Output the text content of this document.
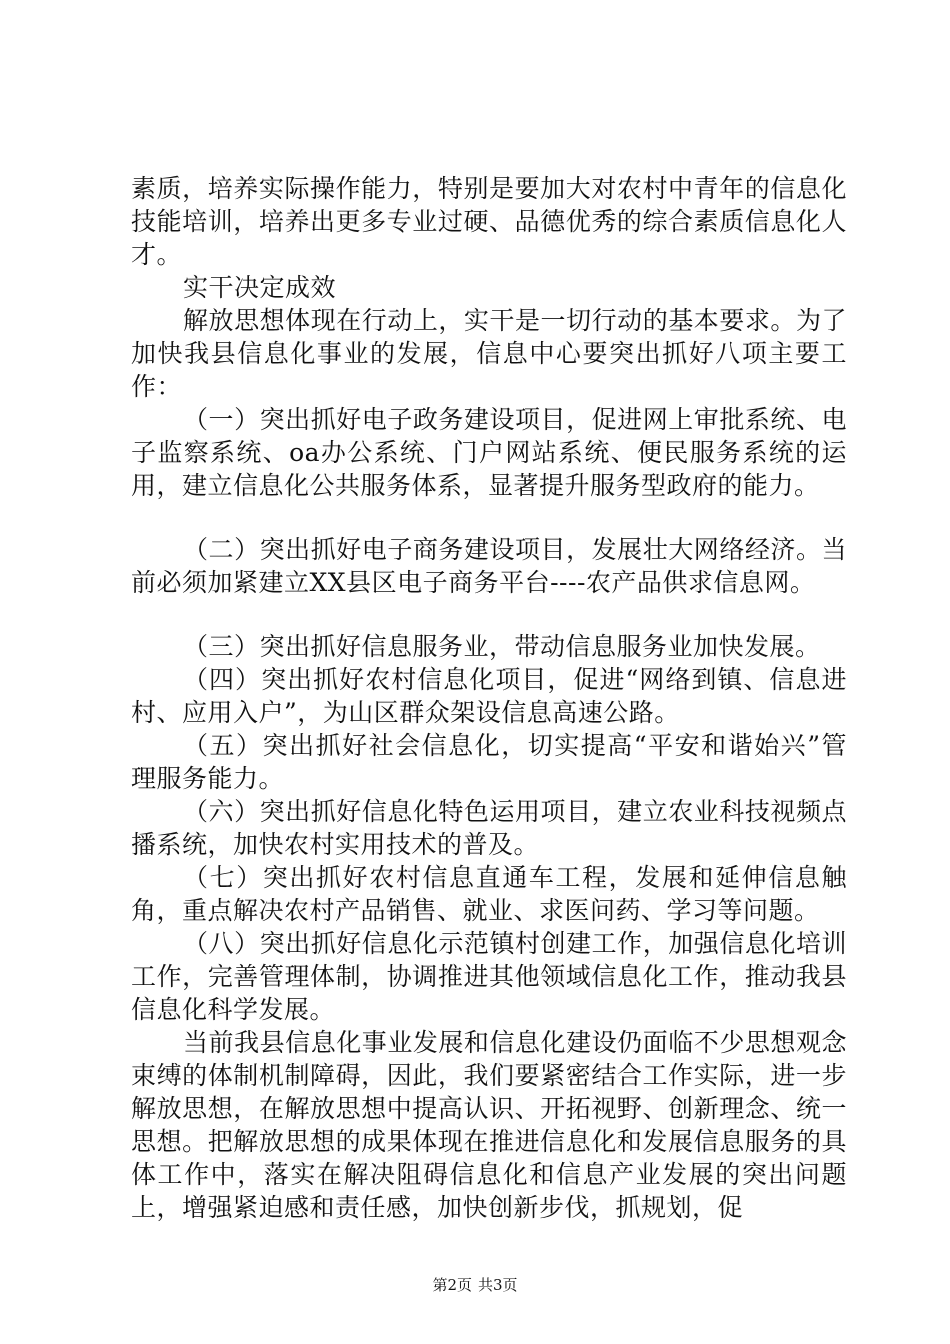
素质，培养实际操作能力，特别是要加大对农村中青年的信息化技能培训，培养出更多专业过硬、品德优秀的综合素质信息化人才。

实干决定成效

解放思想体现在行动上，实干是一切行动的基本要求。为了加快我县信息化事业的发展，信息中心要突出抓好八项主要工作：

（一）突出抓好电子政务建设项目，促进网上审批系统、电子监察系统、oa办公系统、门户网站系统、便民服务系统的运用，建立信息化公共服务体系，显著提升服务型政府的能力。

（二）突出抓好电子商务建设项目，发展壮大网络经济。当前必须加紧建立XX县区电子商务平台----农产品供求信息网。

（三）突出抓好信息服务业，带动信息服务业加快发展。

（四）突出抓好农村信息化项目，促进“网络到镇、信息进村、应用入户”，为山区群众架设信息高速公路。

（五）突出抓好社会信息化，切实提高“平安和谐始兴”管理服务能力。

（六）突出抓好信息化特色运用项目，建立农业科技视频点播系统，加快农村实用技术的普及。

（七）突出抓好农村信息直通车工程，发展和延伸信息触角，重点解决农村产品销售、就业、求医问药、学习等问题。

（八）突出抓好信息化示范镇村创建工作，加强信息化培训工作，完善管理体制，协调推进其他领域信息化工作，推动我县信息化科学发展。

当前我县信息化事业发展和信息化建设仍面临不少思想观念束缚的体制机制障碍，因此，我们要紧密结合工作实际，进一步解放思想，在解放思想中提高认识、开拓视野、创新理念、统一思想。把解放思想的成果体现在推进信息化和发展信息服务的具体工作中，落实在解决阻碍信息化和信息产业发展的突出问题上，增强紧迫感和责任感，加快创新步伐，抓规划，促

第2页 共3页
